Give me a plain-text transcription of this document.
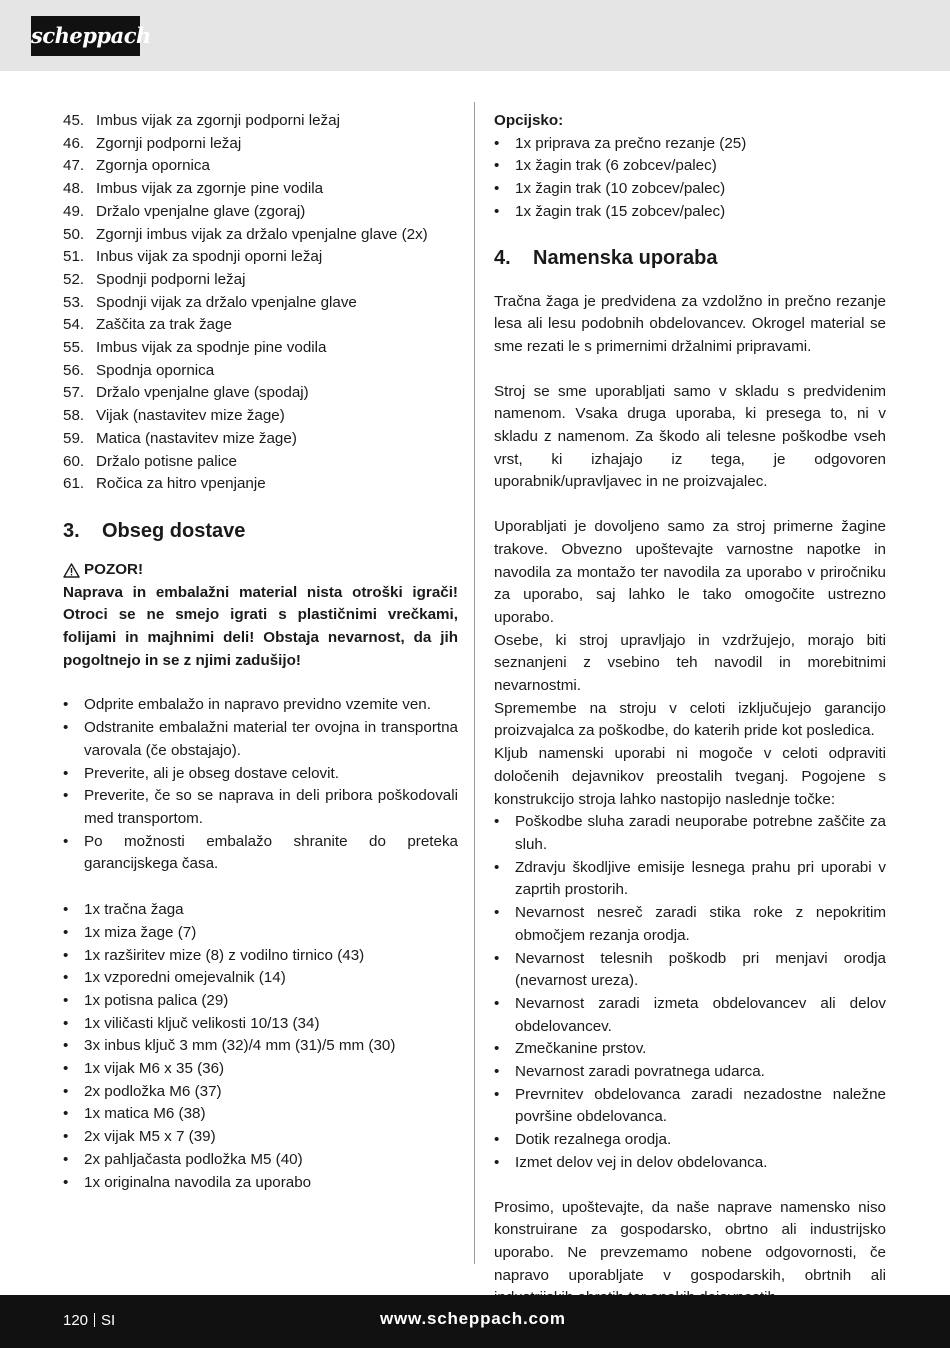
scheppach
45. Imbus vijak za zgornji podporni ležaj
46. Zgornji podporni ležaj
47. Zgornja opornica
48. Imbus vijak za zgornje pine vodila
49. Držalo vpenjalne glave (zgoraj)
50. Zgornji imbus vijak za držalo vpenjalne glave (2x)
51. Inbus vijak za spodnji oporni ležaj
52. Spodnji podporni ležaj
53. Spodnji vijak za držalo vpenjalne glave
54. Zaščita za trak žage
55. Imbus vijak za spodnje pine vodila
56. Spodnja opornica
57. Držalo vpenjalne glave (spodaj)
58. Vijak (nastavitev mize žage)
59. Matica (nastavitev mize žage)
60. Držalo potisne palice
61. Ročica za hitro vpenjanje
3.	Obseg dostave
POZOR!

Naprava in embalažni material nista otroški igrači! Otroci se ne smejo igrati s plastičnimi vrečkami, folijami in majhnimi deli! Obstaja nevarnost, da jih pogoltnejo in se z njimi zadušijo!

• Odprite embalažo in napravo previdno vzemite ven.
• Odstranite embalažni material ter ovojna in transportna varovala (če obstajajo).
• Preverite, ali je obseg dostave celovit.
• Preverite, če so se naprava in deli pribora poškodovali med transportom.
• Po možnosti embalažo shranite do preteka garancijskega časa.
• 1x tračna žaga
• 1x miza žage (7)
• 1x razširitev mize (8) z vodilno tirnico (43)
• 1x vzporedni omejevalnik (14)
• 1x potisna palica (29)
• 1x viličasti ključ velikosti 10/13 (34)
• 3x inbus ključ 3 mm (32)/4 mm (31)/5 mm (30)
• 1x vijak M6 x 35 (36)
• 2x podložka M6 (37)
• 1x matica M6 (38)
• 2x vijak M5 x 7 (39)
• 2x pahljačasta podložka M5 (40)
• 1x originalna navodila za uporabo

Opcijsko:

• 1x priprava za prečno rezanje (25)
• 1x žagin trak (6 zobcev/palec)
• 1x žagin trak (10 zobcev/palec)
• 1x žagin trak (15 zobcev/palec)
4.	Namenska uporaba

Tračna žaga je predvidena za vzdolžno in prečno rezanje lesa ali lesu podobnih obdelovancev. Okrogel material se sme rezati le s primernimi držalnimi pripravami.

Stroj se sme uporabljati samo v skladu s predvidenim namenom. Vsaka druga uporaba, ki presega to, ni v skladu z namenom. Za škodo ali telesne poškodbe vseh vrst, ki izhajajo iz tega, je odgovoren uporabnik/upravljavec in ne proizvajalec.

Uporabljati je dovoljeno samo za stroj primerne žagine trakove. Obvezno upoštevajte varnostne napotke in navodila za montažo ter navodila za uporabo v priročniku za uporabo, saj lahko le tako omogočite ustrezno uporabo.

Osebe, ki stroj upravljajo in vzdržujejo, morajo biti seznanjeni z vsebino teh navodil in morebitnimi nevarnostmi.

Spremembe na stroju v celoti izključujejo garancijo proizvajalca za poškodbe, do katerih pride kot posledica.

Kljub namenski uporabi ni mogoče v celoti odpraviti določenih dejavnikov preostalih tveganj. Pogojene s konstrukcijo stroja lahko nastopijo naslednje točke:

• Poškodbe sluha zaradi neuporabe potrebne zaščite za sluh.
• Zdravju škodljive emisije lesnega prahu pri uporabi v zaprtih prostorih.
• Nevarnost nesreč zaradi stika roke z nepokritim območjem rezanja orodja.
• Nevarnost telesnih poškodb pri menjavi orodja (nevarnost ureza).
• Nevarnost zaradi izmeta obdelovancev ali delov obdelovancev.
• Zmečkanine prstov.
• Nevarnost zaradi povratnega udarca.
• Prevrnitev obdelovanca zaradi nezadostne naležne površine obdelovanca.
• Dotik rezalnega orodja.
• Izmet delov vej in delov obdelovanca.

Prosimo, upoštevajte, da naše naprave namensko niso konstruirane za gospodarsko, obrtno ali industrijsko uporabo. Ne prevzemamo nobene odgovornosti, če napravo uporabljate v gospodarskih, obrtnih ali

120 SI	www.scheppach.com
